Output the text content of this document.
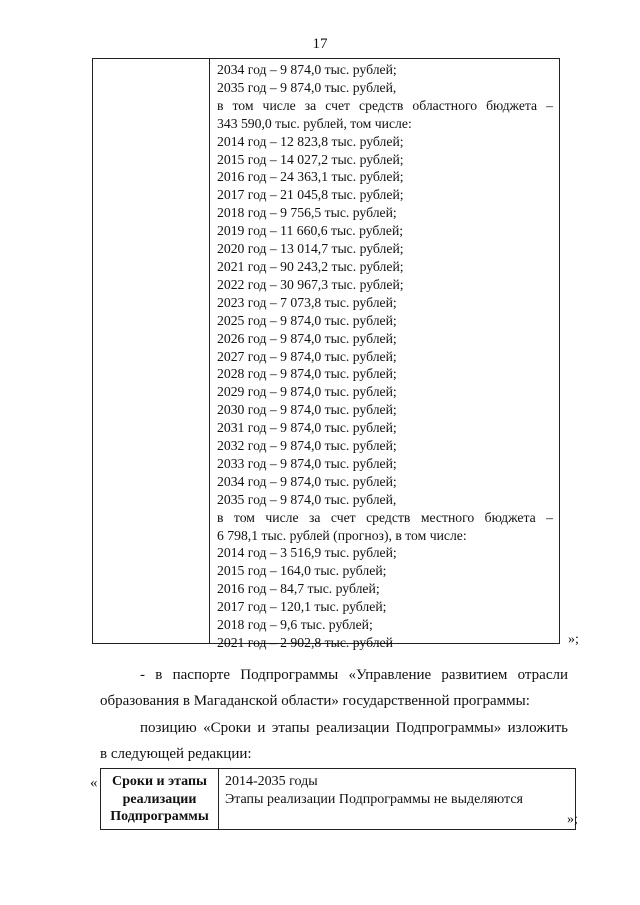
17
2034 год – 9 874,0 тыс. рублей;
2035 год – 9 874,0 тыс. рублей,
в том числе за счет средств областного бюджета –
343 590,0 тыс. рублей, том числе:
2014 год – 12 823,8 тыс. рублей;
2015 год – 14 027,2 тыс. рублей;
2016 год – 24 363,1 тыс. рублей;
2017 год – 21 045,8 тыс. рублей;
2018 год – 9 756,5 тыс. рублей;
2019 год – 11 660,6 тыс. рублей;
2020 год – 13 014,7 тыс. рублей;
2021 год – 90 243,2 тыс. рублей;
2022 год – 30 967,3 тыс. рублей;
2023 год – 7 073,8 тыс. рублей;
2025 год – 9 874,0 тыс. рублей;
2026 год – 9 874,0 тыс. рублей;
2027 год – 9 874,0 тыс. рублей;
2028 год – 9 874,0 тыс. рублей;
2029 год – 9 874,0 тыс. рублей;
2030 год – 9 874,0 тыс. рублей;
2031 год – 9 874,0 тыс. рублей;
2032 год – 9 874,0 тыс. рублей;
2033 год – 9 874,0 тыс. рублей;
2034 год – 9 874,0 тыс. рублей;
2035 год – 9 874,0 тыс. рублей,
в том числе за счет средств местного бюджета –
6 798,1 тыс. рублей (прогноз), в том числе:
2014 год – 3 516,9 тыс. рублей;
2015 год – 164,0 тыс. рублей;
2016 год – 84,7 тыс. рублей;
2017 год – 120,1 тыс. рублей;
2018 год – 9,6 тыс. рублей;
2021 год – 2 902,8 тыс. рублей	»;
- в паспорте Подпрограммы «Управление развитием отрасли
образования в Магаданской области» государственной программы:
позицию «Сроки и этапы реализации Подпрограммы» изложить
в следующей редакции:
«	Сроки и этапы
реализации
Подпрограммы
2014-2035 годы
Этапы реализации Подпрограммы не выделяются
»;
